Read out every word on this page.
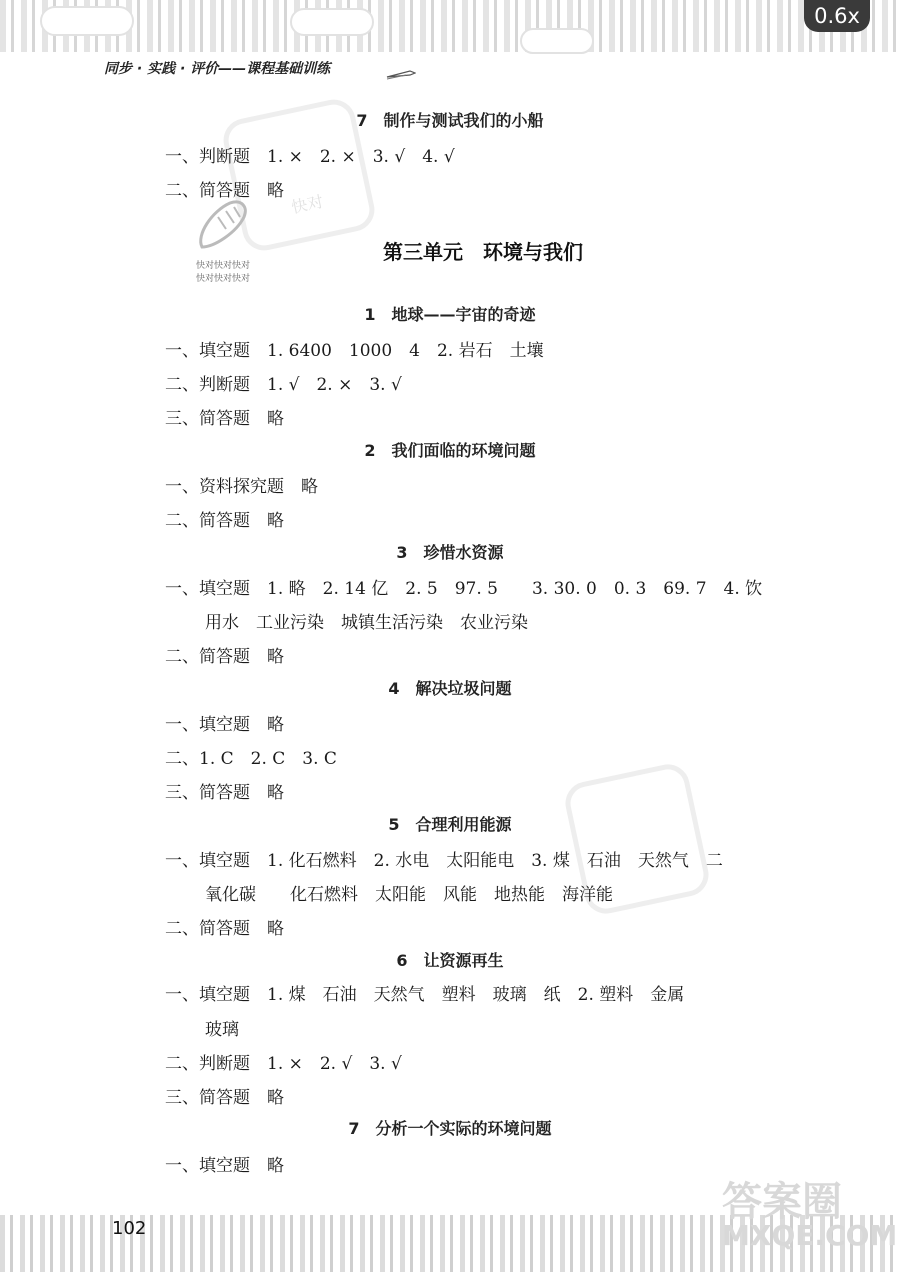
0.6x
同步 · 实践 · 评价——课程基础训练
快对
快对快对快对
快对快对快对
答案圈
MXQE.COM
7　制作与测试我们的小船
一、判断题　1. ×　2. ×　3. √　4. √
二、简答题　略
第三单元　环境与我们
1　地球——宇宙的奇迹
一、填空题　1. 6400　1000　4　2. 岩石　土壤
二、判断题　1. √　2. ×　3. √
三、简答题　略
2　我们面临的环境问题
一、资料探究题　略
二、简答题　略
3　珍惜水资源
一、填空题　1. 略　2. 14 亿　2. 5　97. 5　　3. 30. 0　0. 3　69. 7　4. 饮
用水　工业污染　城镇生活污染　农业污染
二、简答题　略
4　解决垃圾问题
一、填空题　略
二、1. C　2. C　3. C
三、简答题　略
5　合理利用能源
一、填空题　1. 化石燃料　2. 水电　太阳能电　3. 煤　石油　天然气　二
氧化碳　　化石燃料　太阳能　风能　地热能　海洋能
二、简答题　略
6　让资源再生
一、填空题　1. 煤　石油　天然气　塑料　玻璃　纸　2. 塑料　金属
玻璃
二、判断题　1. ×　2. √　3. √
三、简答题　略
7　分析一个实际的环境问题
一、填空题　略
102
